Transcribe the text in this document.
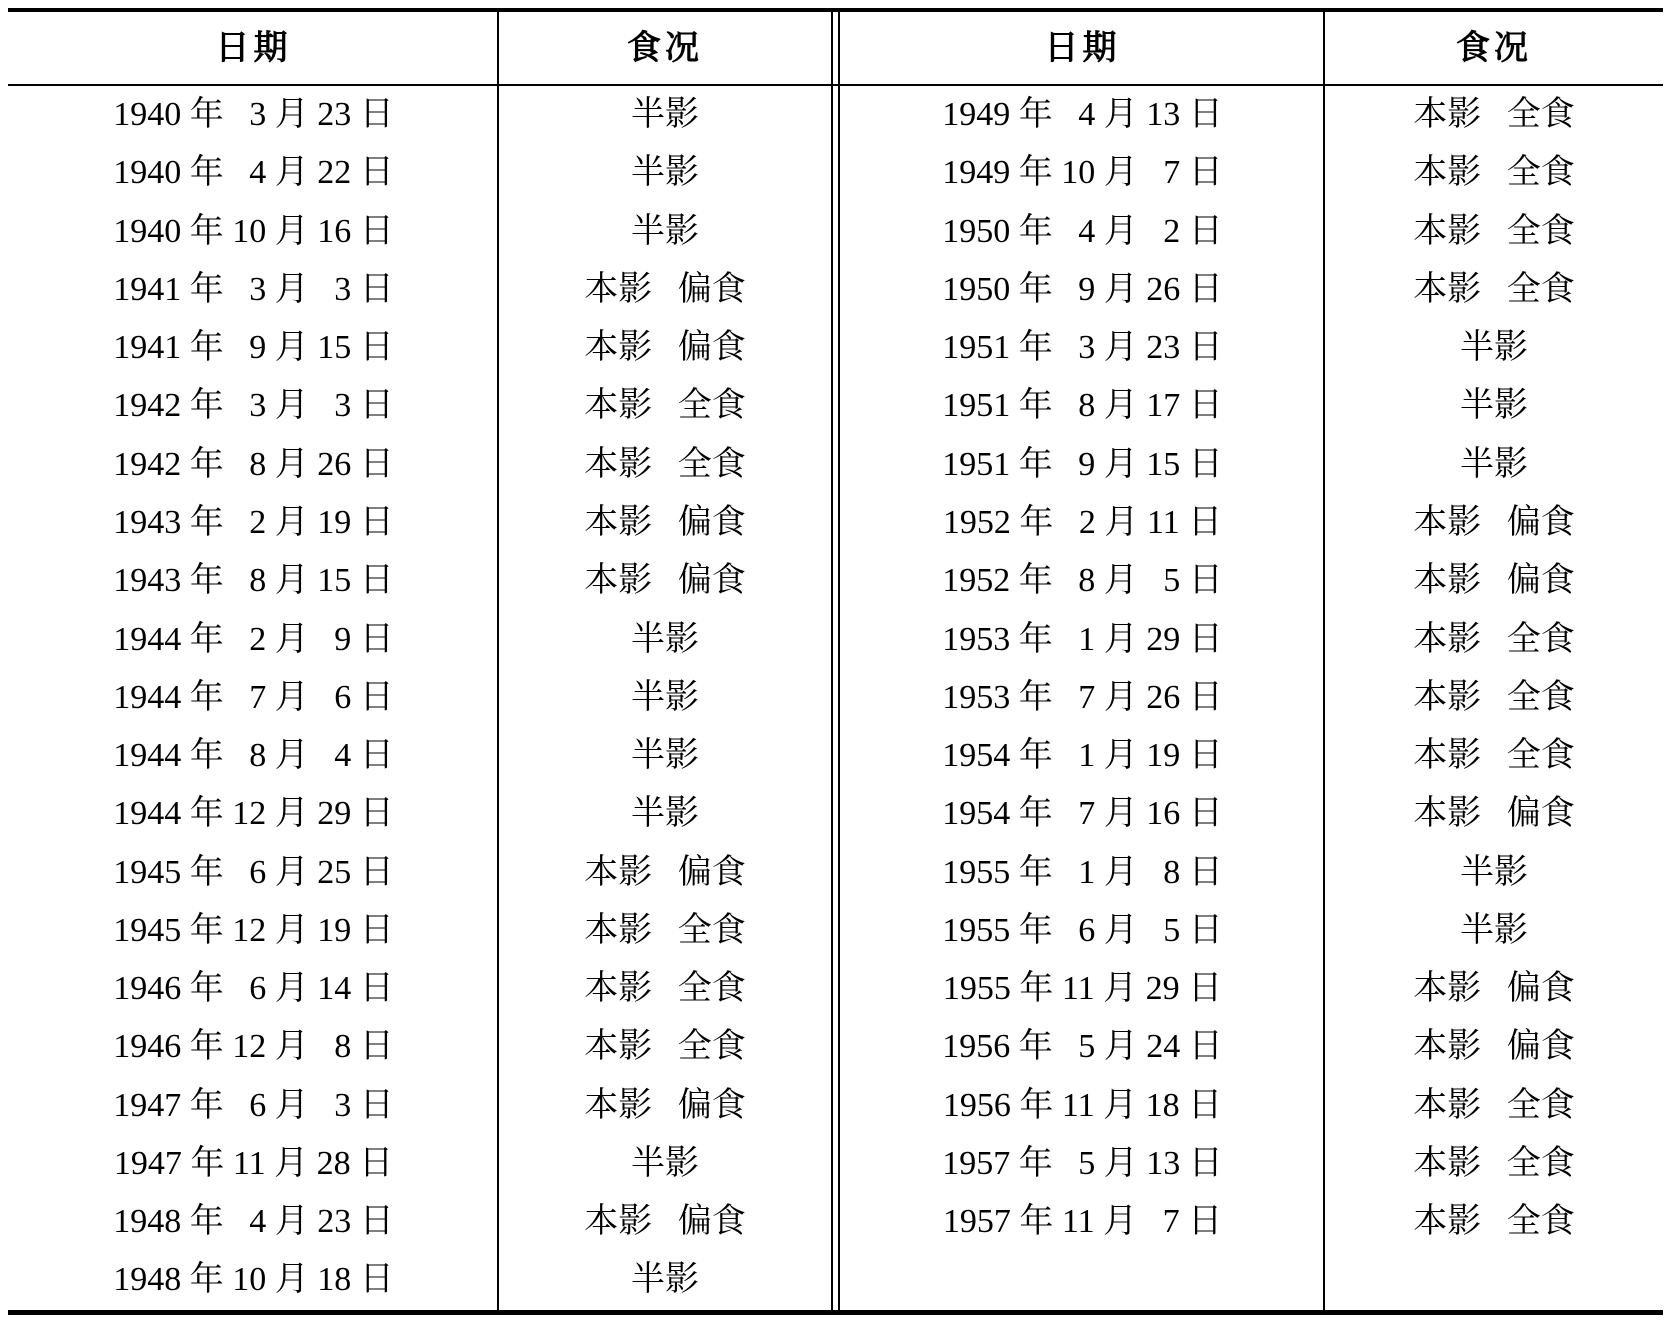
日期	食况
1940 年   3 月 23 日	半影
1940 年   4 月 22 日	半影
1940 年 10 月 16 日	半影
1941 年   3 月   3 日	本影   偏食
1941 年   9 月 15 日	本影   偏食
1942 年   3 月   3 日	本影   全食
1942 年   8 月 26 日	本影   全食
1943 年   2 月 19 日	本影   偏食
1943 年   8 月 15 日	本影   偏食
1944 年   2 月   9 日	半影
1944 年   7 月   6 日	半影
1944 年   8 月   4 日	半影
1944 年 12 月 29 日	半影
1945 年   6 月 25 日	本影   偏食
1945 年 12 月 19 日	本影   全食
1946 年   6 月 14 日	本影   全食
1946 年 12 月   8 日	本影   全食
1947 年   6 月   3 日	本影   偏食
1947 年 11 月 28 日	半影
1948 年   4 月 23 日	本影   偏食
1948 年 10 月 18 日	半影
日期	食况
1949 年   4 月 13 日	本影   全食
1949 年 10 月   7 日	本影   全食
1950 年   4 月   2 日	本影   全食
1950 年   9 月 26 日	本影   全食
1951 年   3 月 23 日	半影
1951 年   8 月 17 日	半影
1951 年   9 月 15 日	半影
1952 年   2 月 11 日	本影   偏食
1952 年   8 月   5 日	本影   偏食
1953 年   1 月 29 日	本影   全食
1953 年   7 月 26 日	本影   全食
1954 年   1 月 19 日	本影   全食
1954 年   7 月 16 日	本影   偏食
1955 年   1 月   8 日	半影
1955 年   6 月   5 日	半影
1955 年 11 月 29 日	本影   偏食
1956 年   5 月 24 日	本影   偏食
1956 年 11 月 18 日	本影   全食
1957 年   5 月 13 日	本影   全食
1957 年 11 月   7 日	本影   全食
